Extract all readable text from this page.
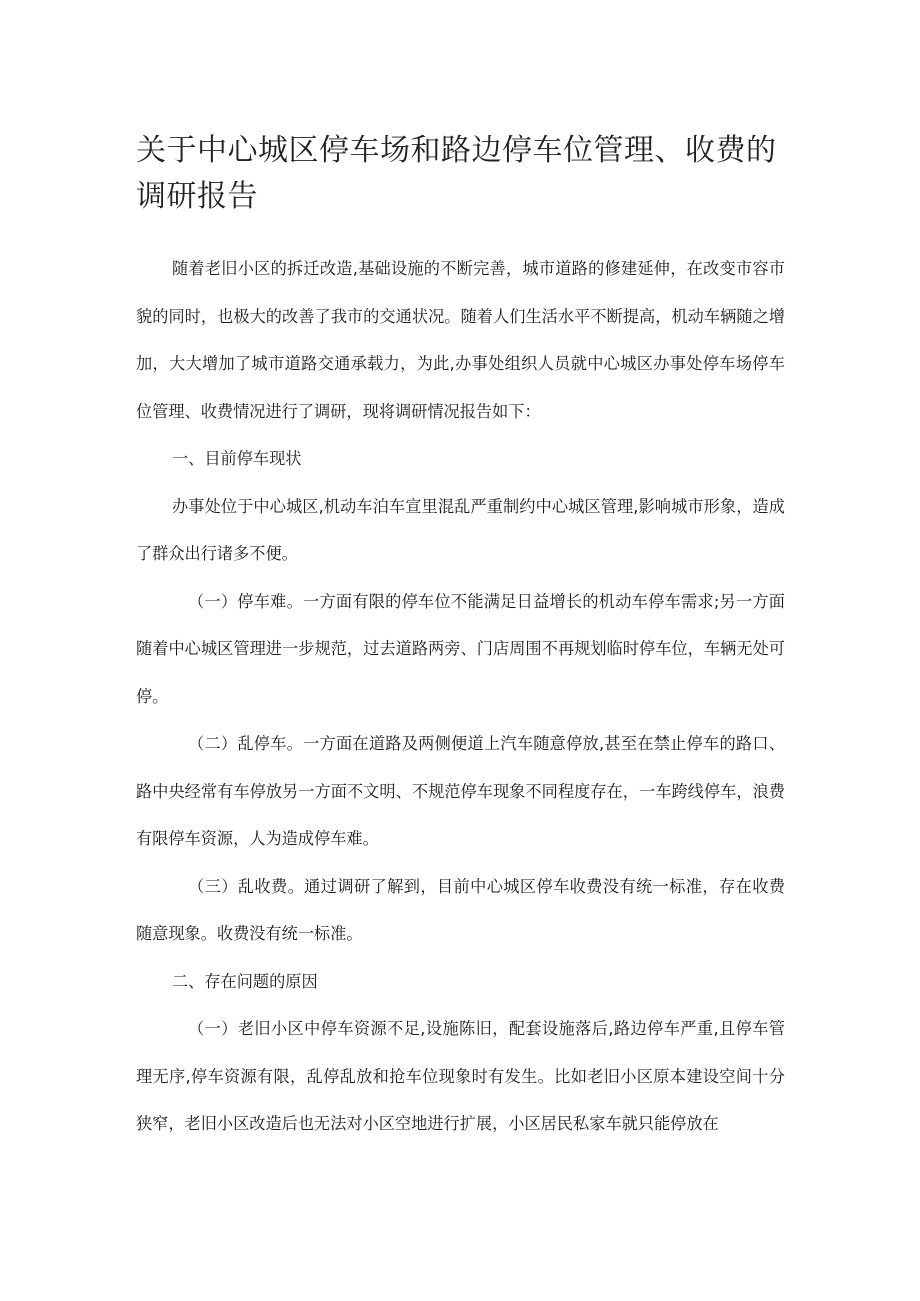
关于中心城区停车场和路边停车位管理、收费的调研报告

随着老旧小区的拆迁改造,基础设施的不断完善，城市道路的修建延伸，在改变市容市貌的同时，也极大的改善了我市的交通状况。随着人们生活水平不断提高，机动车辆随之增加，大大增加了城市道路交通承载力，为此,办事处组织人员就中心城区办事处停车场停车位管理、收费情况进行了调研，现将调研情况报告如下：

一、目前停车现状

办事处位于中心城区,机动车泊车宣里混乱严重制约中心城区管理,影响城市形象，造成了群众出行诸多不便。

（一）停车难。一方面有限的停车位不能满足日益增长的机动车停车需求;另一方面随着中心城区管理进一步规范，过去道路两旁、门店周围不再规划临时停车位，车辆无处可停。

（二）乱停车。一方面在道路及两侧便道上汽车随意停放,甚至在禁止停车的路口、路中央经常有车停放另一方面不文明、不规范停车现象不同程度存在，一车跨线停车，浪费有限停车资源，人为造成停车难。

（三）乱收费。通过调研了解到，目前中心城区停车收费没有统一标准，存在收费随意现象。收费没有统一标准。

二、存在问题的原因

（一）老旧小区中停车资源不足,设施陈旧，配套设施落后,路边停车严重,且停车管理无序,停车资源有限，乱停乱放和抢车位现象时有发生。比如老旧小区原本建设空间十分狭窄，老旧小区改造后也无法对小区空地进行扩展，小区居民私家车就只能停放在
